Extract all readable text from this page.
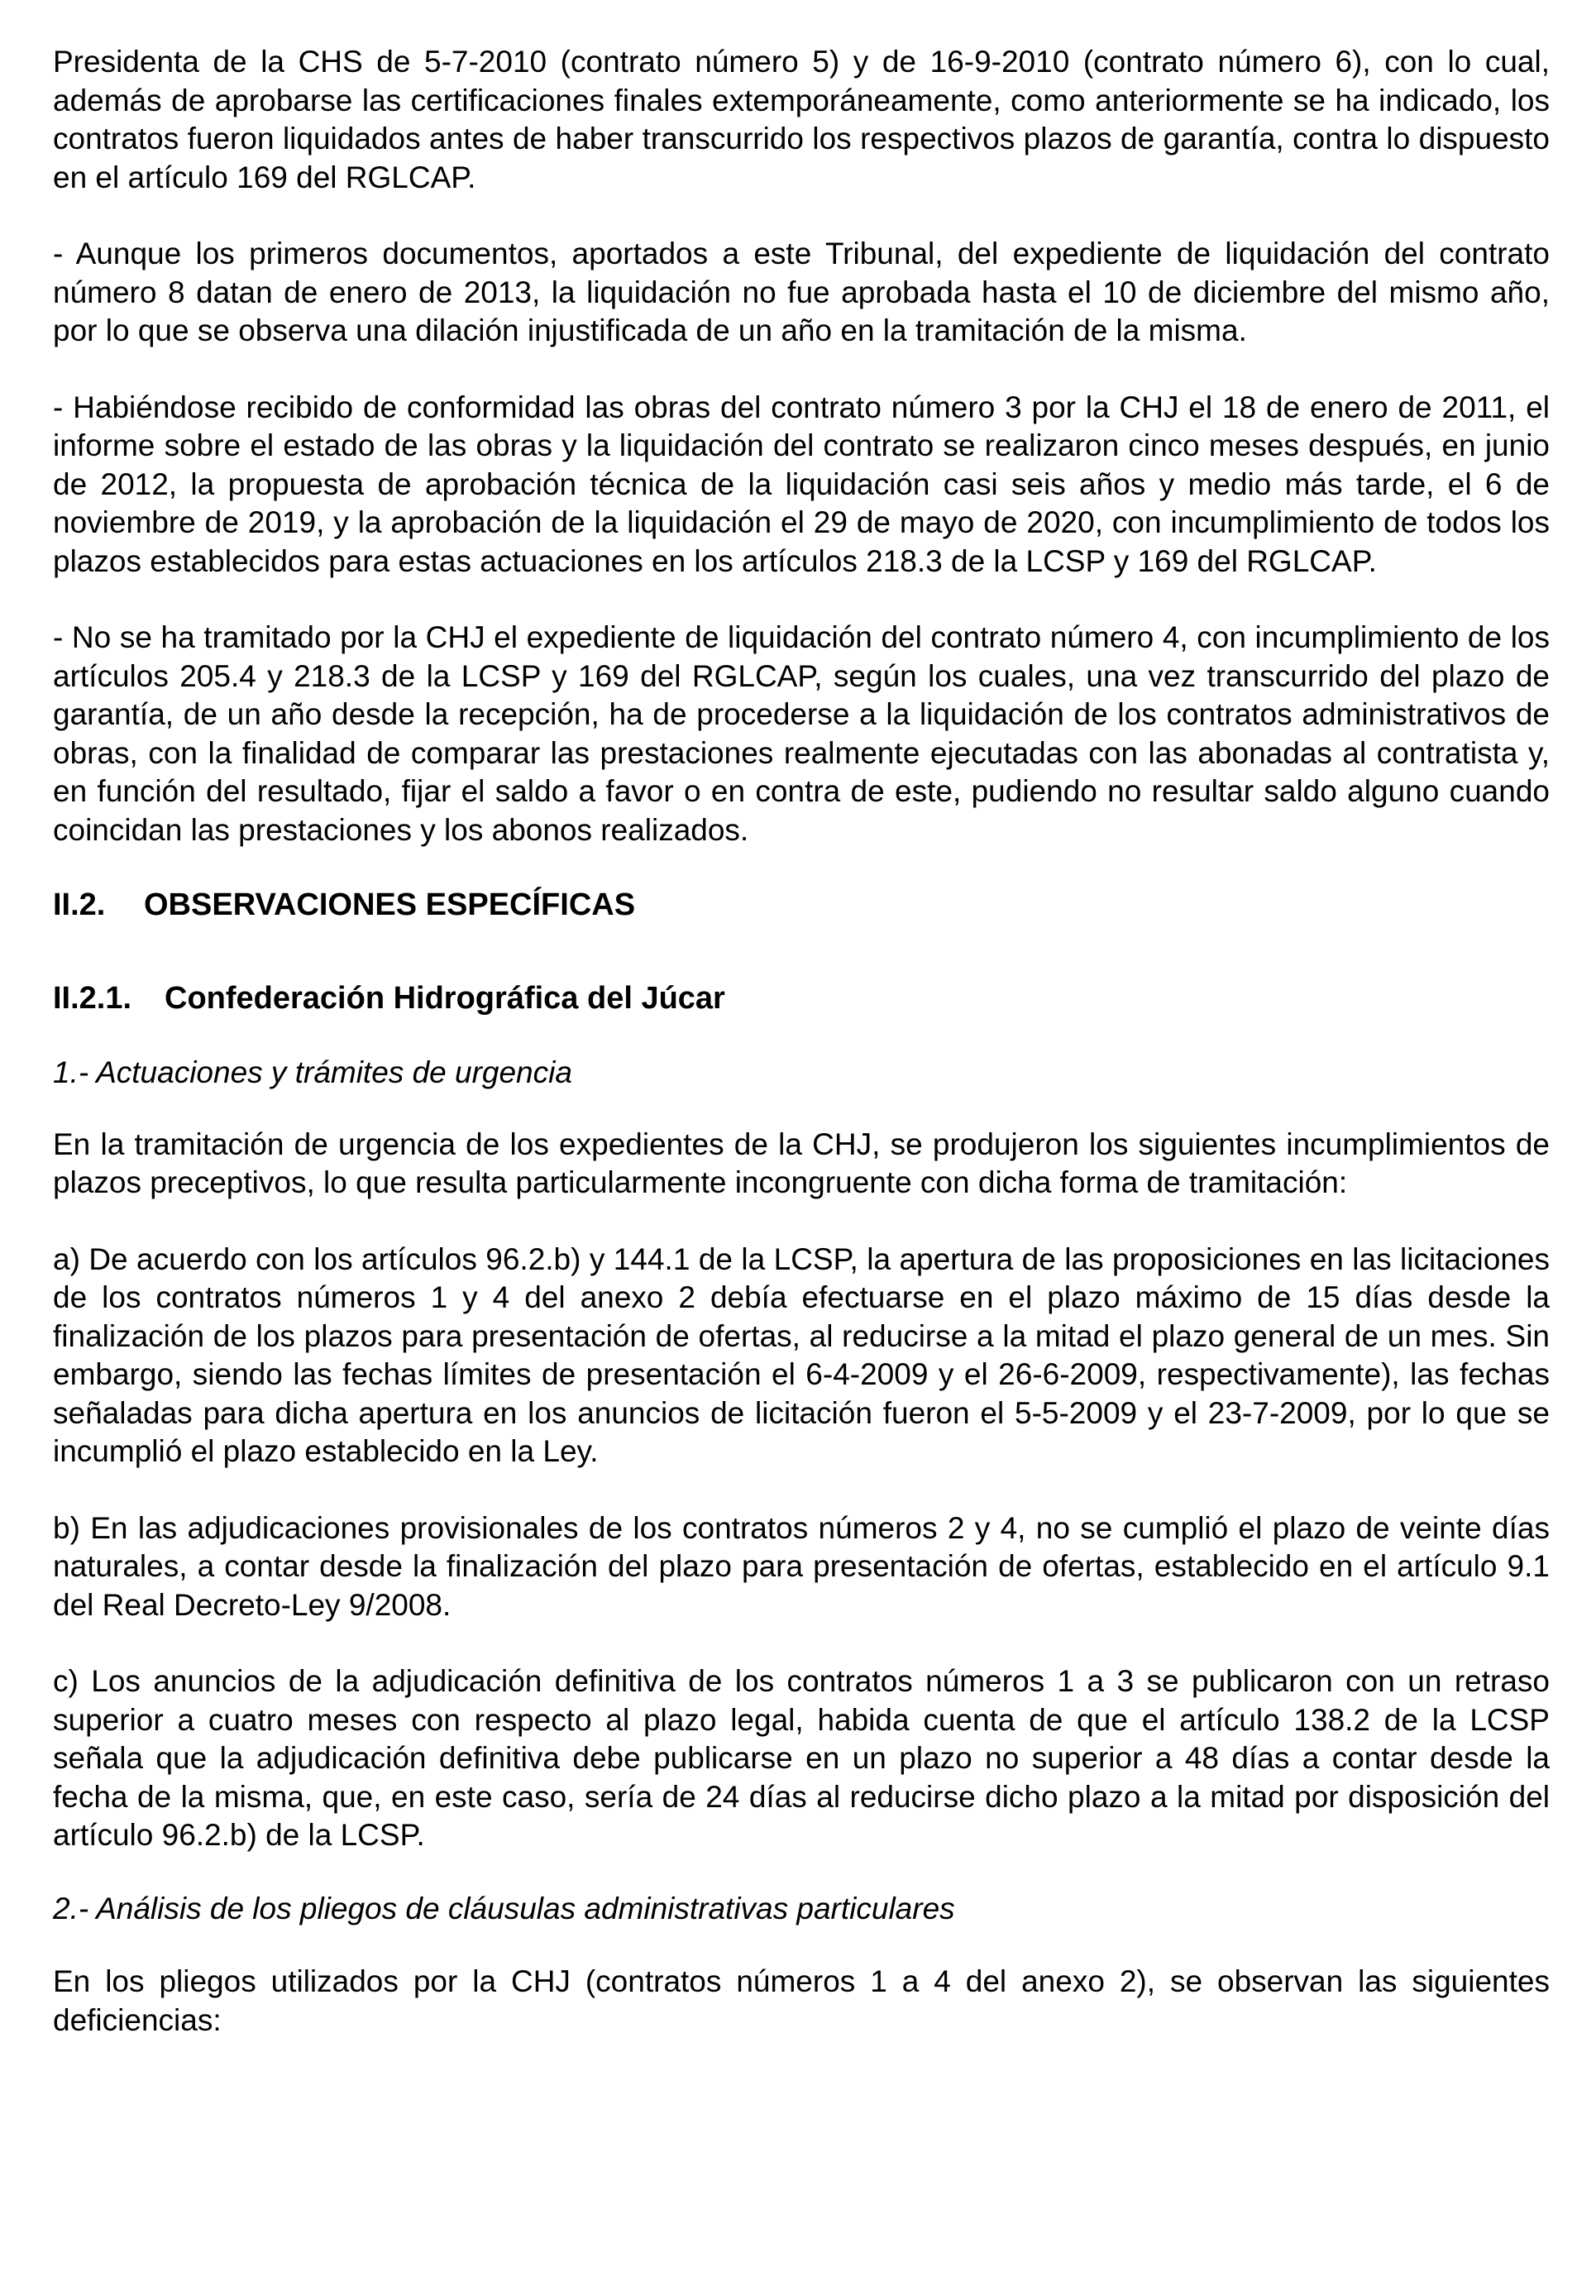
Presidenta de la CHS de 5-7-2010 (contrato número 5) y de 16-9-2010 (contrato número 6), con lo cual, además de aprobarse las certificaciones finales extemporáneamente, como anteriormente se ha indicado, los contratos fueron liquidados antes de haber transcurrido los respectivos plazos de garantía, contra lo dispuesto en el artículo 169 del RGLCAP.

- Aunque los primeros documentos, aportados a este Tribunal, del expediente de liquidación del contrato número 8 datan de enero de 2013, la liquidación no fue aprobada hasta el 10 de diciembre del mismo año, por lo que se observa una dilación injustificada de un año en la tramitación de la misma.

- Habiéndose recibido de conformidad las obras del contrato número 3 por la CHJ el 18 de enero de 2011, el informe sobre el estado de las obras y la liquidación del contrato se realizaron cinco meses después, en junio de 2012, la propuesta de aprobación técnica de la liquidación casi seis años y medio más tarde, el 6 de noviembre de 2019, y la aprobación de la liquidación el 29 de mayo de 2020, con incumplimiento de todos los plazos establecidos para estas actuaciones en los artículos 218.3 de la LCSP y 169 del RGLCAP.

- No se ha tramitado por la CHJ el expediente de liquidación del contrato número 4, con incumplimiento de los artículos 205.4 y 218.3 de la LCSP y 169 del RGLCAP, según los cuales, una vez transcurrido del plazo de garantía, de un año desde la recepción, ha de procederse a la liquidación de los contratos administrativos de obras, con la finalidad de comparar las prestaciones realmente ejecutadas con las abonadas al contratista y, en función del resultado, fijar el saldo a favor o en contra de este, pudiendo no resultar saldo alguno cuando coincidan las prestaciones y los abonos realizados.

II.2. OBSERVACIONES ESPECÍFICAS

II.2.1. Confederación Hidrográfica del Júcar

1.- Actuaciones y trámites de urgencia

En la tramitación de urgencia de los expedientes de la CHJ, se produjeron los siguientes incumplimientos de plazos preceptivos, lo que resulta particularmente incongruente con dicha forma de tramitación:

a) De acuerdo con los artículos 96.2.b) y 144.1 de la LCSP, la apertura de las proposiciones en las licitaciones de los contratos números 1 y 4 del anexo 2 debía efectuarse en el plazo máximo de 15 días desde la finalización de los plazos para presentación de ofertas, al reducirse a la mitad el plazo general de un mes. Sin embargo, siendo las fechas límites de presentación el 6-4-2009 y el 26-6-2009, respectivamente), las fechas señaladas para dicha apertura en los anuncios de licitación fueron el 5-5-2009 y el 23-7-2009, por lo que se incumplió el plazo establecido en la Ley.

b) En las adjudicaciones provisionales de los contratos números 2 y 4, no se cumplió el plazo de veinte días naturales, a contar desde la finalización del plazo para presentación de ofertas, establecido en el artículo 9.1 del Real Decreto-Ley 9/2008.

c) Los anuncios de la adjudicación definitiva de los contratos números 1 a 3 se publicaron con un retraso superior a cuatro meses con respecto al plazo legal, habida cuenta de que el artículo 138.2 de la LCSP señala que la adjudicación definitiva debe publicarse en un plazo no superior a 48 días a contar desde la fecha de la misma, que, en este caso, sería de 24 días al reducirse dicho plazo a la mitad por disposición del artículo 96.2.b) de la LCSP.

2.- Análisis de los pliegos de cláusulas administrativas particulares

En los pliegos utilizados por la CHJ (contratos números 1 a 4 del anexo 2), se observan las siguientes deficiencias:
